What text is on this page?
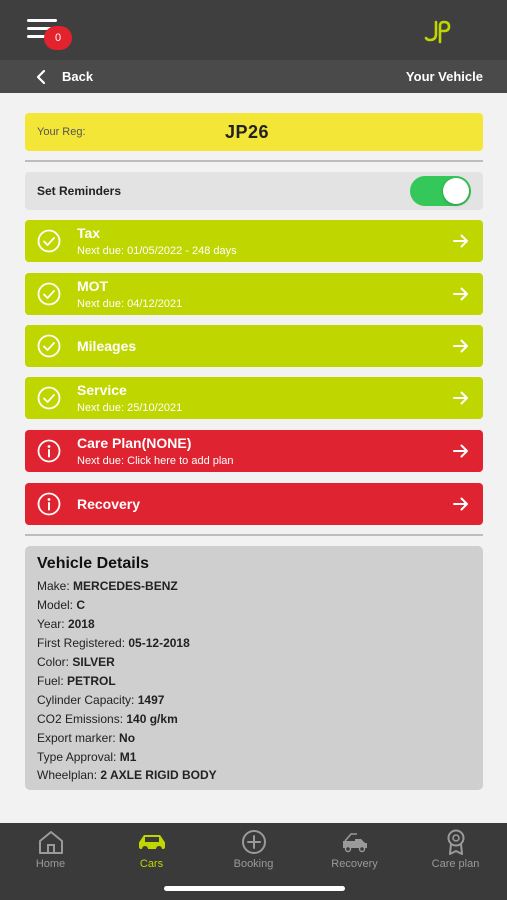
0
Back	Your Vehicle
Your Reg:	JP26
Set Reminders
Tax
Next due: 01/05/2022 - 248 days
MOT
Next due: 04/12/2021
Mileages
Service
Next due: 25/10/2021
Care Plan(NONE)
Next due: Click here to add plan
Recovery
Vehicle Details
Make: MERCEDES-BENZ
Model: C
Year: 2018
First Registered: 05-12-2018
Color: SILVER
Fuel: PETROL
Cylinder Capacity: 1497
CO2 Emissions: 140 g/km
Export marker: No
Type Approval: M1
Wheelplan: 2 AXLE RIGID BODY
Home	Cars	Booking	Recovery	Care plan
